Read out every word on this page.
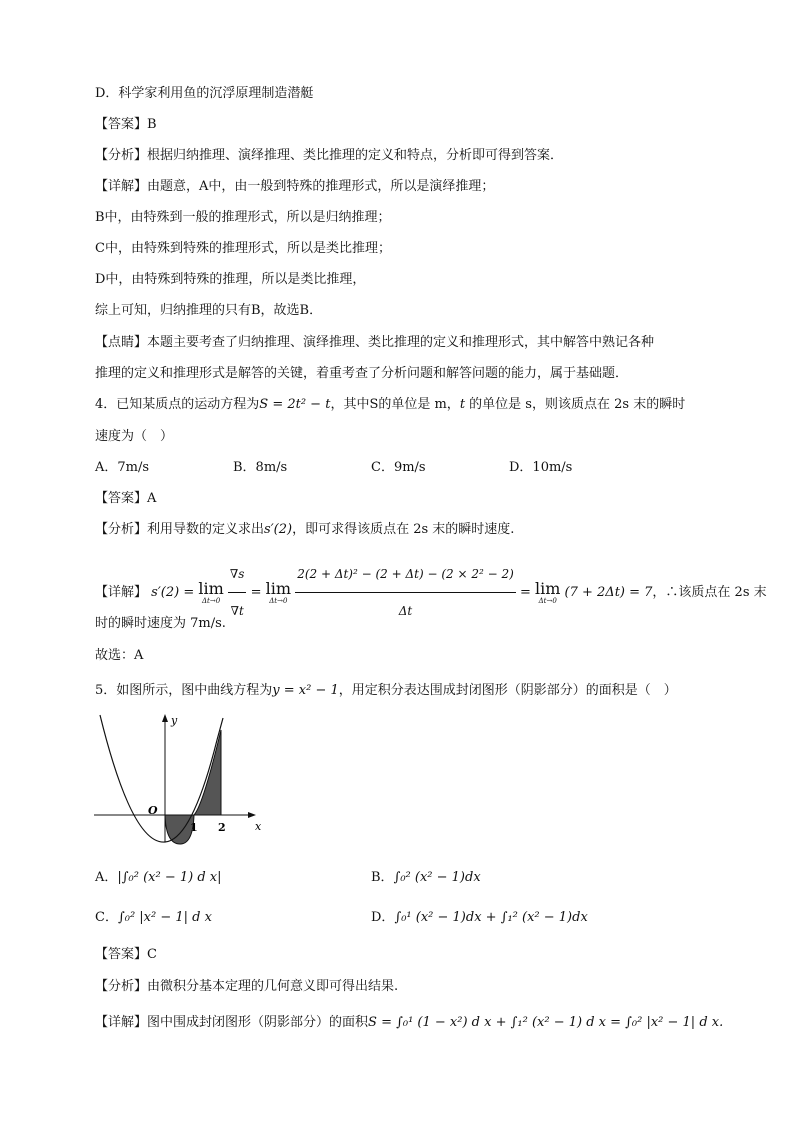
D．科学家利用鱼的沉浮原理制造潜艇
【答案】B
【分析】根据归纳推理、演绎推理、类比推理的定义和特点，分析即可得到答案．
【详解】由题意，A中，由一般到特殊的推理形式，所以是演绎推理；
B中，由特殊到一般的推理形式，所以是归纳推理；
C中，由特殊到特殊的推理形式，所以是类比推理；
D中，由特殊到特殊的推理，所以是类比推理，
综上可知，归纳推理的只有B，故选B．
【点睛】本题主要考查了归纳推理、演绎推理、类比推理的定义和推理形式，其中解答中熟记各种
推理的定义和推理形式是解答的关键，着重考查了分析问题和解答问题的能力，属于基础题．
4．已知某质点的运动方程为S = 2t² − t，其中S的单位是 m，t 的单位是 s，则该质点在 2s 末的瞬时
速度为（　）
A．7m/s	B．8m/s	C．9m/s	D．10m/s
【答案】A
【分析】利用导数的定义求出s′(2)，即可求得该质点在 2s 末的瞬时速度.
【详解】 s′(2) = lim
Δt→0
$\frac{\nabla s}{\nabla t} = \lim$
Δt→0
$\frac{\text{2(2 + Δt)² − (2 + Δt) − (2 × 2² − 2)}}{\Delta t} = \lim$
Δt→0
(7 + 2Δt) = 7，∴该质点在 2s 末
时的瞬时速度为 7m/s.
故选：A
5．如图所示，图中曲线方程为y = x² − 1，用定积分表达围成封闭图形（阴影部分）的面积是（　）
y
x
O
1 2
A．|∫₀² (x² − 1) d x|	B．∫₀² (x² − 1)dx
C．∫₀² |x² − 1| d x	D．∫₀¹ (x² − 1)dx + ∫₁² (x² − 1)dx
【答案】C
【分析】由微积分基本定理的几何意义即可得出结果.
【详解】图中围成封闭图形（阴影部分）的面积S = ∫₀¹ (1 − x²) d x + ∫₁² (x² − 1) d x = ∫₀² |x² − 1| d x.
